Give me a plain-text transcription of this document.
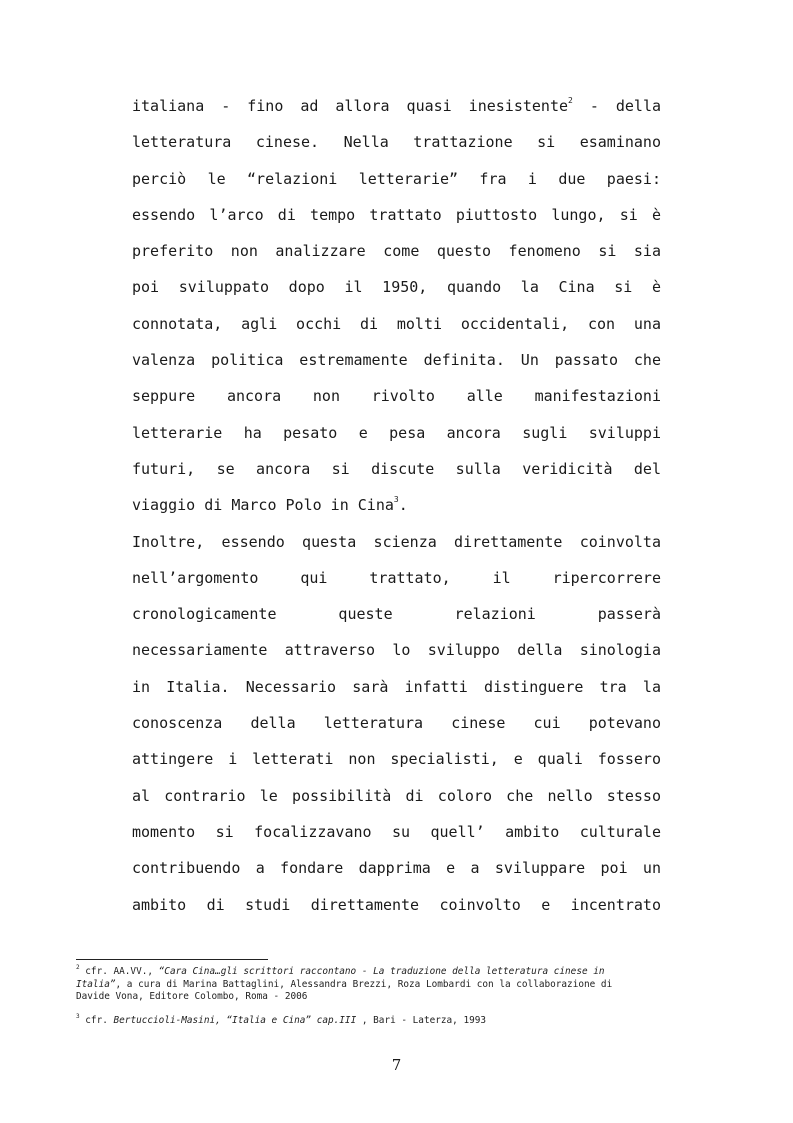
italiana - fino ad allora quasi inesistente$^2$ - della
letteratura cinese. Nella trattazione si esaminano
perciò le “relazioni letterarie” fra i due paesi:
essendo l’arco di tempo trattato piuttosto lungo, si è
preferito non analizzare come questo fenomeno si sia
poi sviluppato dopo il 1950, quando la Cina si è
connotata, agli occhi di molti occidentali, con una
valenza politica estremamente definita. Un passato che
seppure ancora non rivolto alle manifestazioni
letterarie ha pesato e pesa ancora sugli sviluppi
futuri, se ancora si discute sulla veridicità del
viaggio di Marco Polo in Cina$^3$.
Inoltre, essendo questa scienza direttamente coinvolta
nell’argomento qui trattato, il ripercorrere
cronologicamente queste relazioni passerà
necessariamente attraverso lo sviluppo della sinologia
in Italia. Necessario sarà infatti distinguere tra la
conoscenza della letteratura cinese cui potevano
attingere i letterati non specialisti, e quali fossero
al contrario le possibilità di coloro che nello stesso
momento si focalizzavano su quell’ ambito culturale
contribuendo a fondare dapprima e a sviluppare poi un
ambito di studi direttamente coinvolto e incentrato
$^2$ cfr. AA.VV., “Cara Cina…gli scrittori raccontano - La traduzione della letteratura cinese in
Italia”, a cura di Marina Battaglini, Alessandra Brezzi, Roza Lombardi con la collaborazione di
Davide Vona, Editore Colombo, Roma - 2006
$^3$ cfr. Bertuccioli-Masini, “Italia e Cina” cap.III , Bari - Laterza, 1993
7
